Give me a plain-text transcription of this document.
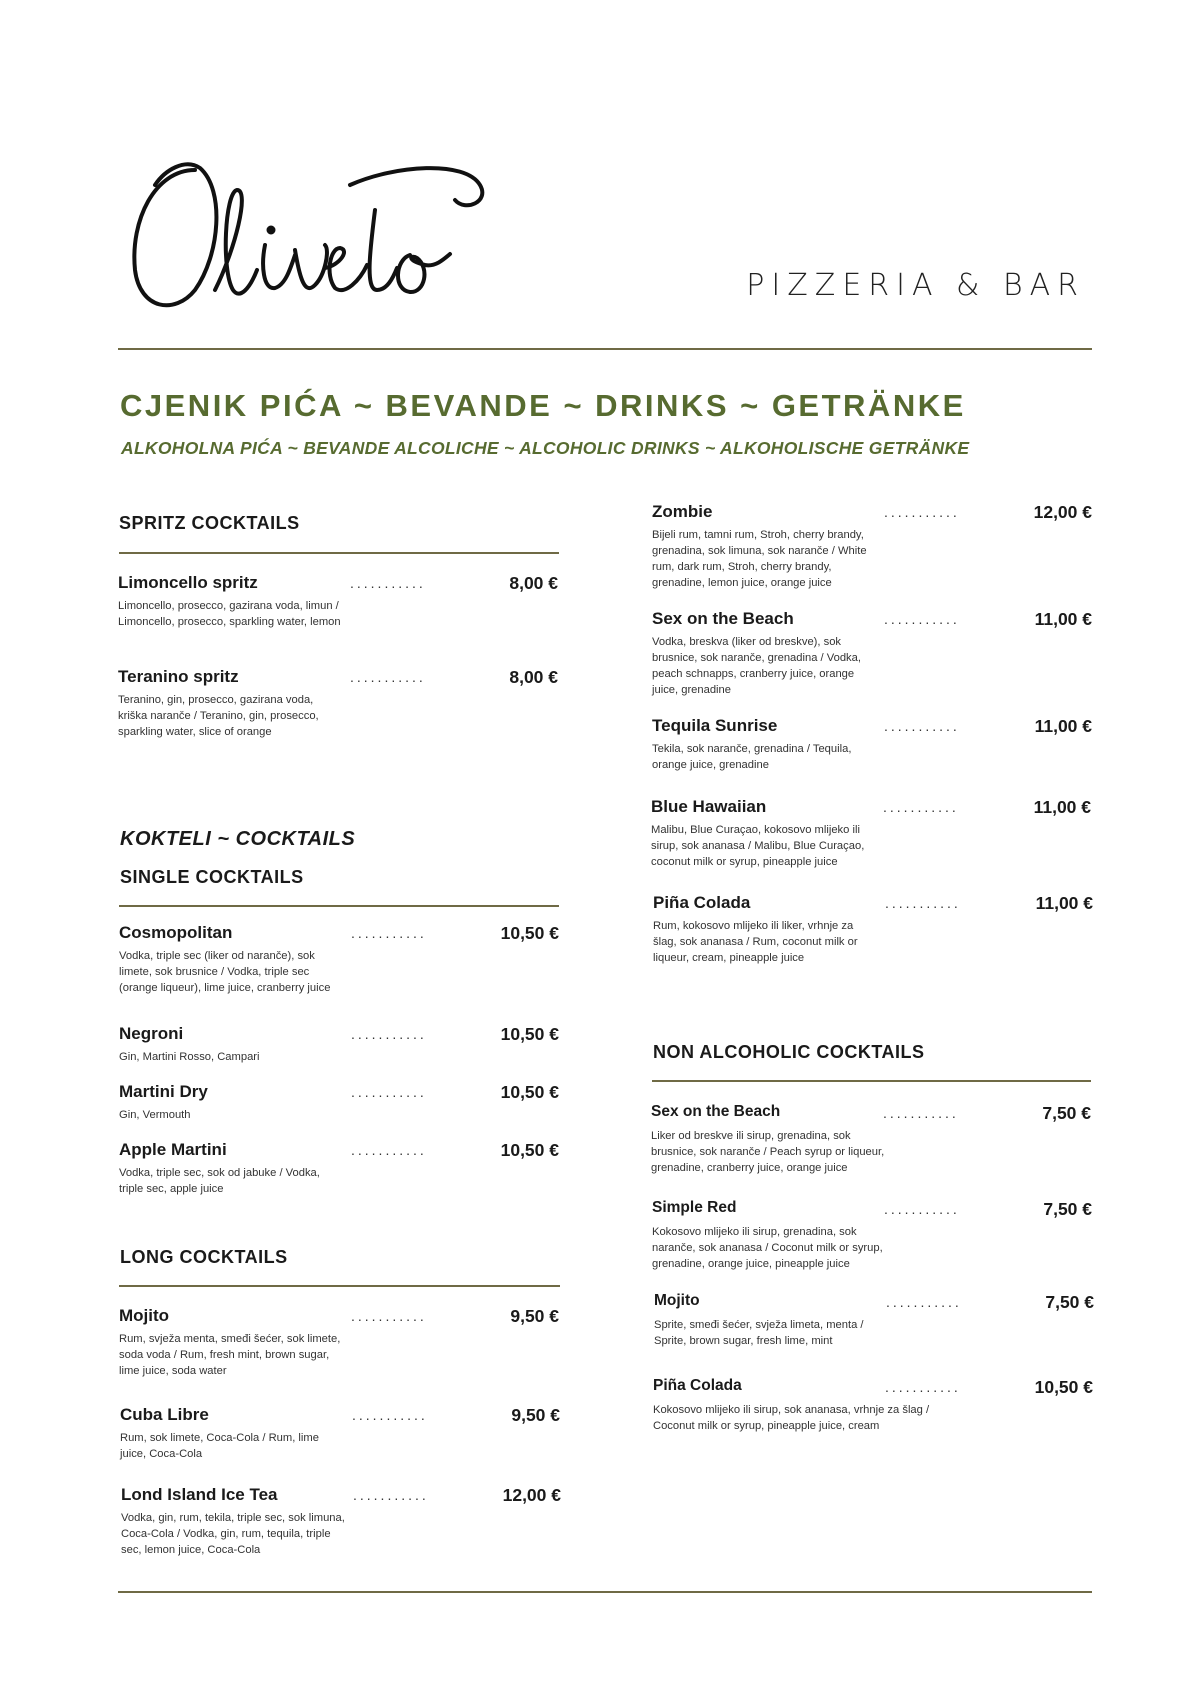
PIZZERIA & BAR
CJENIK PIĆA ~ BEVANDE ~ DRINKS ~ GETRÄNKE
ALKOHOLNA PIĆA ~ BEVANDE ALCOLICHE ~ ALCOHOLIC DRINKS ~ ALKOHOLISCHE GETRÄNKE
SPRITZ COCKTAILS
Limoncello spritz	...........	8,00 €
Limoncello, prosecco, gazirana voda, limun / Limoncello, prosecco, sparkling water, lemon
Teranino spritz	...........	8,00 €
Teranino, gin, prosecco, gazirana voda, kriška naranče / Teranino, gin, prosecco, sparkling water, slice of orange
KOKTELI ~ COCKTAILS
SINGLE COCKTAILS
Cosmopolitan	...........	10,50 €
Vodka, triple sec (liker od naranče), sok limete, sok brusnice / Vodka, triple sec (orange liqueur), lime juice, cranberry juice
Negroni	...........	10,50 €
Gin, Martini Rosso, Campari
Martini Dry	...........	10,50 €
Gin, Vermouth
Apple Martini	...........	10,50 €
Vodka, triple sec, sok od jabuke / Vodka, triple sec, apple juice
LONG COCKTAILS
Mojito	...........	9,50 €
Rum, svježa menta, smeđi šećer, sok limete, soda voda / Rum, fresh mint, brown sugar, lime juice, soda water
Cuba Libre	...........	9,50 €
Rum, sok limete, Coca-Cola / Rum, lime juice, Coca-Cola
Lond Island Ice Tea	...........	12,00 €
Vodka, gin, rum, tekila, triple sec, sok limuna, Coca-Cola / Vodka, gin, rum, tequila, triple sec, lemon juice, Coca-Cola
Zombie	...........	12,00 €
Bijeli rum, tamni rum, Stroh, cherry brandy, grenadina, sok limuna, sok naranče / White rum, dark rum, Stroh, cherry brandy, grenadine, lemon juice, orange juice
Sex on the Beach	...........	11,00 €
Vodka, breskva (liker od breskve), sok brusnice, sok naranče, grenadina / Vodka, peach schnapps, cranberry juice, orange juice, grenadine
Tequila Sunrise	...........	11,00 €
Tekila, sok naranče, grenadina / Tequila, orange juice, grenadine
Blue Hawaiian	...........	11,00 €
Malibu, Blue Curaçao, kokosovo mlijeko ili sirup, sok ananasa / Malibu, Blue Curaçao, coconut milk or syrup, pineapple juice
Piña Colada	...........	11,00 €
Rum, kokosovo mlijeko ili liker, vrhnje za šlag, sok ananasa / Rum, coconut milk or liqueur, cream, pineapple juice
NON ALCOHOLIC COCKTAILS
Sex on the Beach	...........	7,50 €
Liker od breskve ili sirup, grenadina, sok brusnice, sok naranče / Peach syrup or liqueur, grenadine, cranberry juice, orange juice
Simple Red	...........	7,50 €
Kokosovo mlijeko ili sirup, grenadina, sok naranče, sok ananasa / Coconut milk or syrup, grenadine, orange juice, pineapple juice
Mojito	...........	7,50 €
Sprite, smeđi šećer, svježa limeta, menta / Sprite, brown sugar, fresh lime, mint
Piña Colada	...........	10,50 €
Kokosovo mlijeko ili sirup, sok ananasa, vrhnje za šlag / Coconut milk or syrup, pineapple juice, cream
